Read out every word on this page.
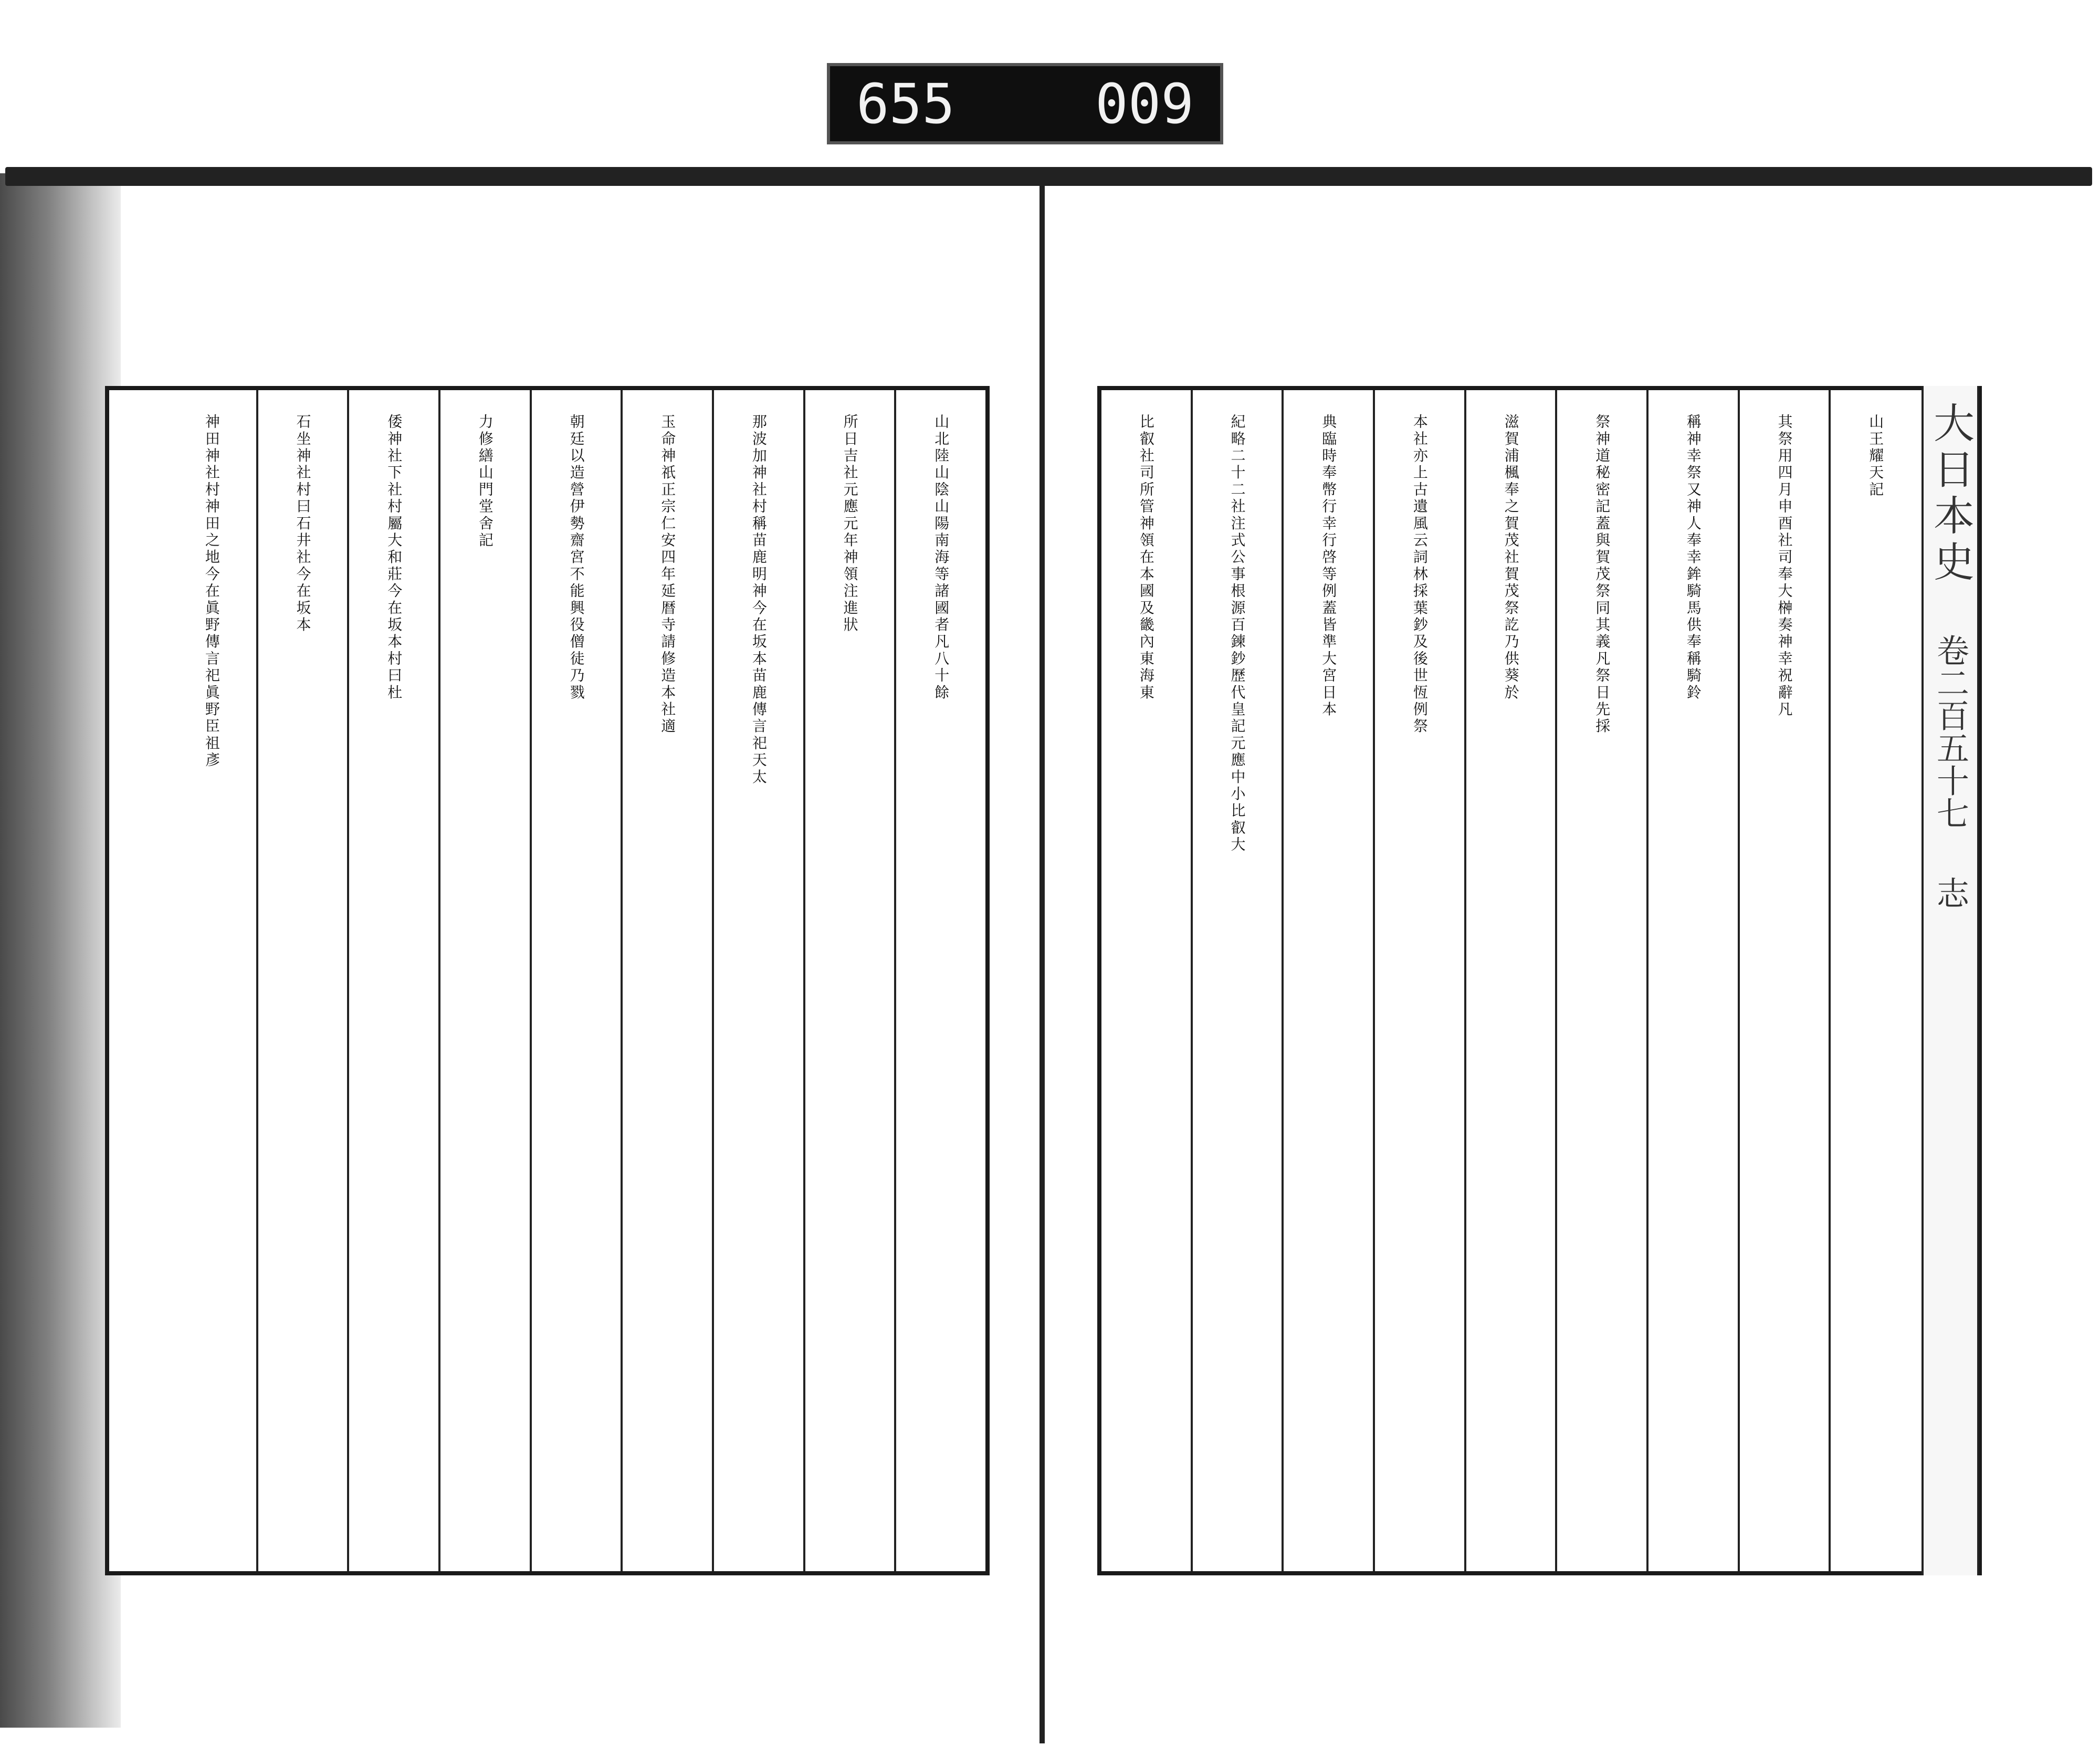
655	009
山北陸山陰山陽南海等諸國者凡八十餘
所日吉社元應元年神領注進狀
那波加神社村稱苗鹿明神今在坂本苗鹿傳言祀天太
玉命神祇正宗仁安四年延暦寺請修造本社適
朝廷以造營伊勢齋宮不能興役僧徒乃戮
力修繕山門堂舍記
倭神社下社村屬大和莊今在坂本村曰杜
石坐神社村曰石井社今在坂本
神田神社村神田之地今在眞野傳言祀眞野臣祖彥	山王耀天記
其祭用四月申酉社司奉大榊奏神幸祝辭凡
稱神幸祭又神人奉幸鉾騎馬供奉稱騎鈴
祭神道秘密記蓋與賀茂祭同其義凡祭日先採
滋賀浦楓奉之賀茂社賀茂祭訖乃供葵於
本社亦上古遺風云詞林採葉鈔及後世恆例祭
典臨時奉幣行幸行啓等例蓋皆準大宮日本
紀略二十二社注式公事根源百鍊鈔歷代皇記元應中小比叡大
比叡社司所管神領在本國及畿內東海東	大日本史
卷二百五十七
志
